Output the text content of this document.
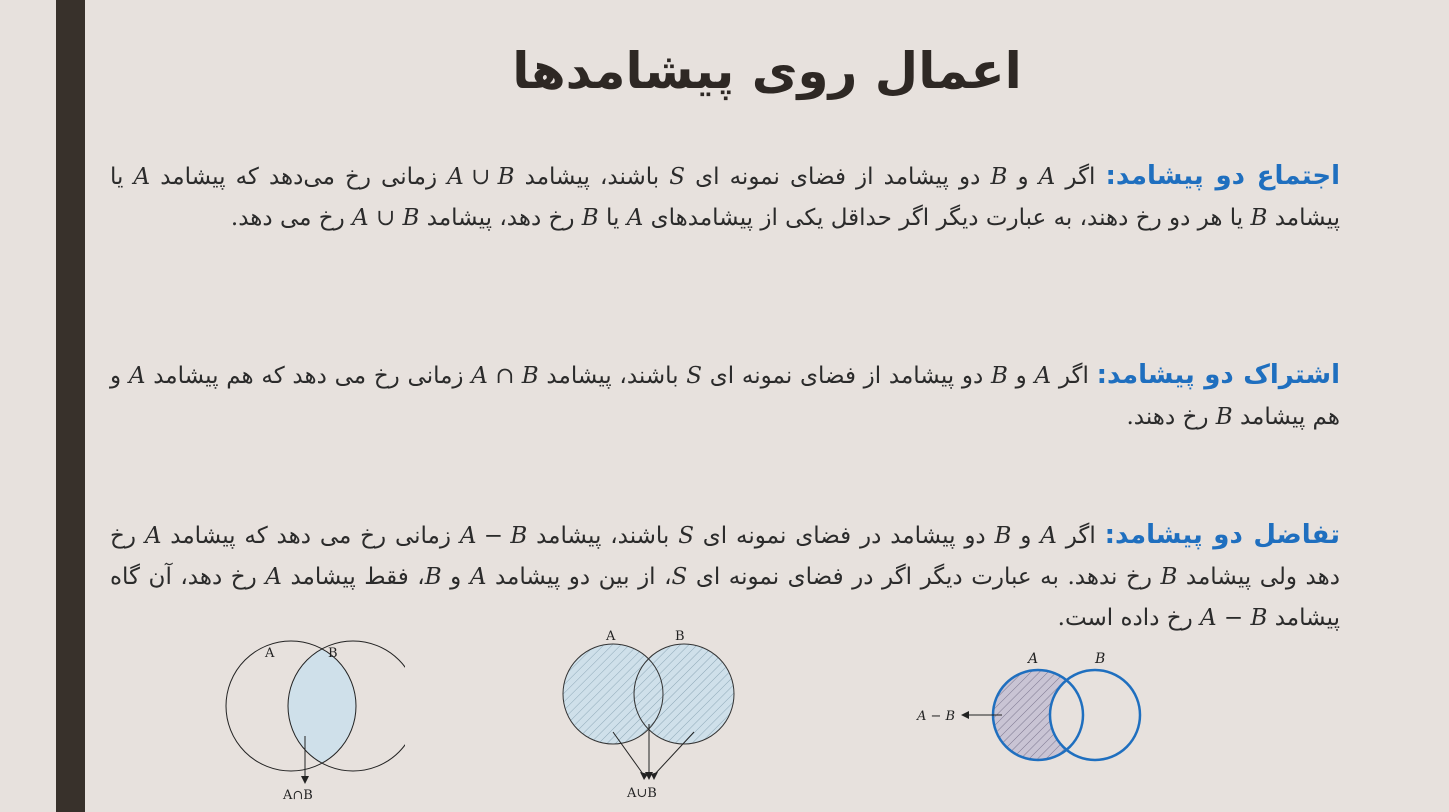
اعمال روی پیشامدها
اجتماع دو پیشامد: اگر A و B دو پیشامد از فضای نمونه ای S باشند، پیشامد A ∪ B زمانی رخ می‌دهد که پیشامد A یا پیشامد B یا هر دو رخ دهند، به عبارت دیگر اگر حداقل یکی از پیشامدهای A یا B رخ دهد، پیشامد A ∪ B رخ می دهد.
اشتراک دو پیشامد: اگر A و B دو پیشامد از فضای نمونه ای S باشند، پیشامد A ∩ B زمانی رخ می دهد که هم پیشامد A و هم پیشامد B رخ دهند.
تفاضل دو پیشامد: اگر A و B دو پیشامد در فضای نمونه ای S باشند، پیشامد A − B زمانی رخ می دهد که پیشامد A رخ دهد ولی پیشامد B رخ ندهد. به عبارت دیگر اگر در فضای نمونه ای S، از بین دو پیشامد A و B، فقط پیشامد A رخ دهد، آن گاه پیشامد A − B رخ داده است.
A	B
A∩B
A	B
A∪B
A	B
A − B
